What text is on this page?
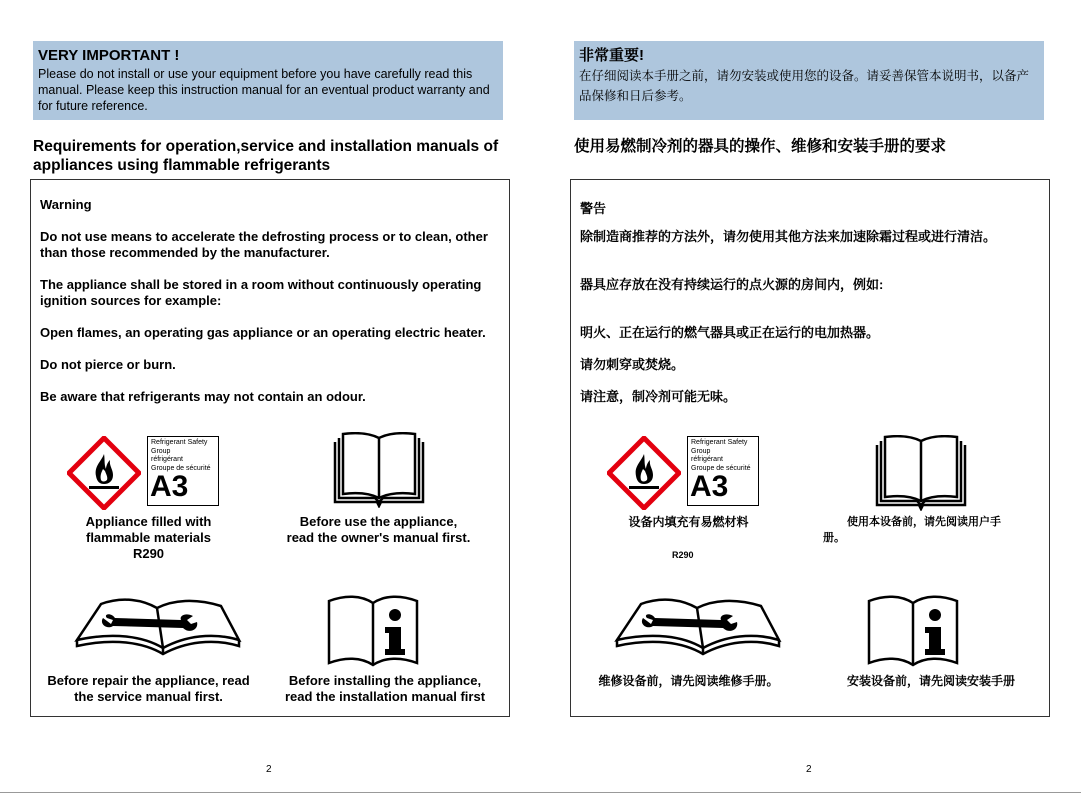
VERY IMPORTANT !
Please do not install or use your equipment before you have carefully read this manual. Please keep this instruction manual for an eventual product warranty and for future reference.
Requirements for operation,service and installation manuals of appliances using flammable refrigerants
Warning
Do not use means to accelerate the defrosting process or to clean, other than those recommended by the manufacturer.
The appliance shall be stored in a room without continuously operating ignition sources for example:
Open flames, an operating gas appliance or an operating electric heater.
Do not pierce or burn.
Be aware that refrigerants may not contain an odour.
Refrigerant Safety
Group
réfrigérant
Groupe de sécurité
A3
Appliance filled with
flammable materials
R290
Before use the appliance,
read the owner's manual first.
Before repair the appliance, read
the service manual first.
Before installing the appliance,
read the installation manual first
2
非常重要!
在仔细阅读本手册之前，请勿安装或使用您的设备。请妥善保管本说明书，以备产品保修和日后参考。
使用易燃制冷剂的器具的操作、维修和安装手册的要求
警告
除制造商推荐的方法外，请勿使用其他方法来加速除霜过程或进行清洁。
器具应存放在没有持续运行的点火源的房间内，例如:
明火、正在运行的燃气器具或正在运行的电加热器。
请勿刺穿或焚烧。
请注意，制冷剂可能无味。
Refrigerant Safety
Group
réfrigérant
Groupe de sécurité
A3
设备内填充有易燃材料
R290
使用本设备前，请先阅读用户手
册。
维修设备前，请先阅读维修手册。	安装设备前，请先阅读安装手册
2
